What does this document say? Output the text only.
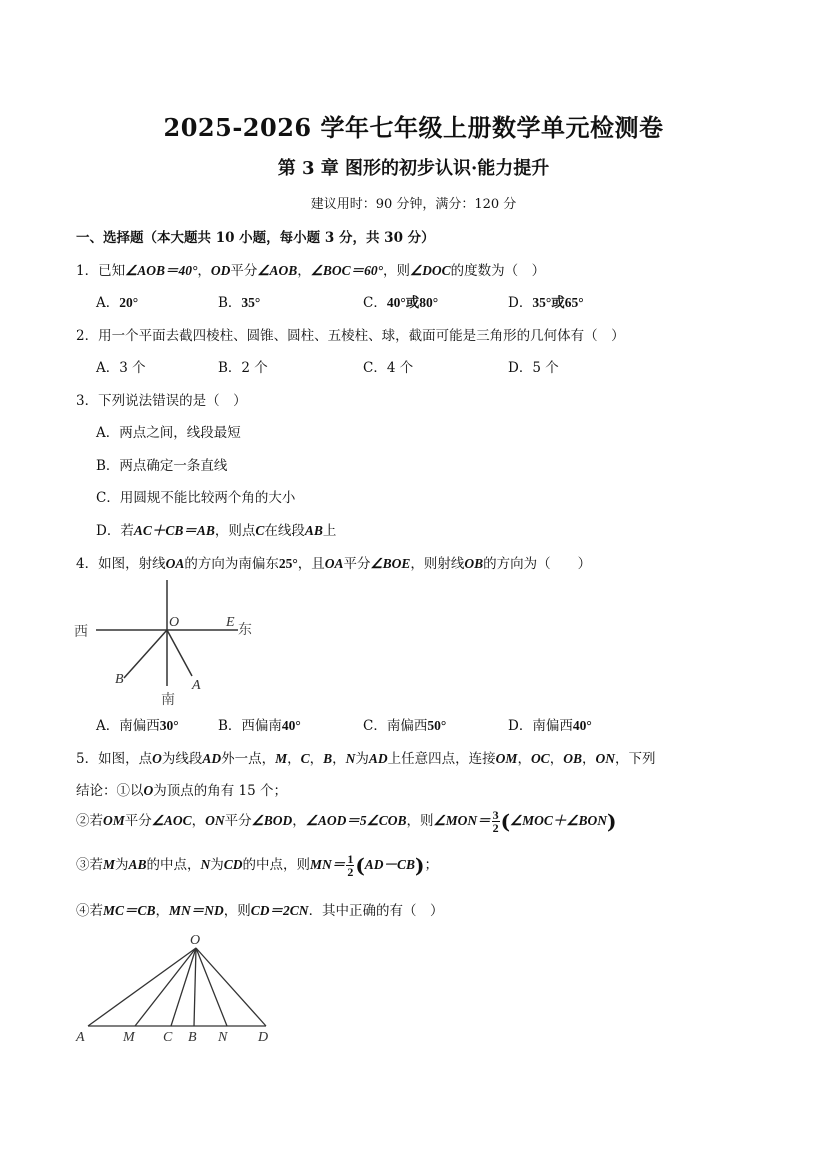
2025-2026 学年七年级上册数学单元检测卷
第 3 章 图形的初步认识·能力提升
建议用时：90 分钟，满分：120 分
一、选择题（本大题共 10 小题，每小题 3 分，共 30 分）
1．已知∠AOB＝40°，OD平分∠AOB，∠BOC＝60°，则∠DOC的度数为（　）
A．20°	B．35°	C．40°或80°	D．35°或65°
2．用一个平面去截四棱柱、圆锥、圆柱、五棱柱、球，截面可能是三角形的几何体有（　）
A．3 个	B．2 个	C．4 个	D．5 个
3．下列说法错误的是（　）
A．两点之间，线段最短
B．两点确定一条直线
C．用圆规不能比较两个角的大小
D．若AC＋CB＝AB，则点C在线段AB上
4．如图，射线OA的方向为南偏东25°，且OA平分∠BOE，则射线OB的方向为（　　）
西	东
南
O	E
B	A
A．南偏西30°	B．西偏南40°	C．南偏西50°	D．南偏西40°
5．如图，点O为线段AD外一点，M，C，B，N为AD上任意四点，连接OM，OC，OB，ON，下列
结论：①以O为顶点的角有 15 个；
②若OM平分∠AOC，ON平分∠BOD，∠AOD＝5∠COB，则∠MON＝ $\frac{3}{2}$ (∠MOC＋∠BON)
③若M为AB的中点，N为CD的中点，则$MN= \frac{1}{2} (AD-CB)$；
④若MC＝CB，MN＝ND，则CD＝2CN．其中正确的有（　）
O
A	M C B N D
